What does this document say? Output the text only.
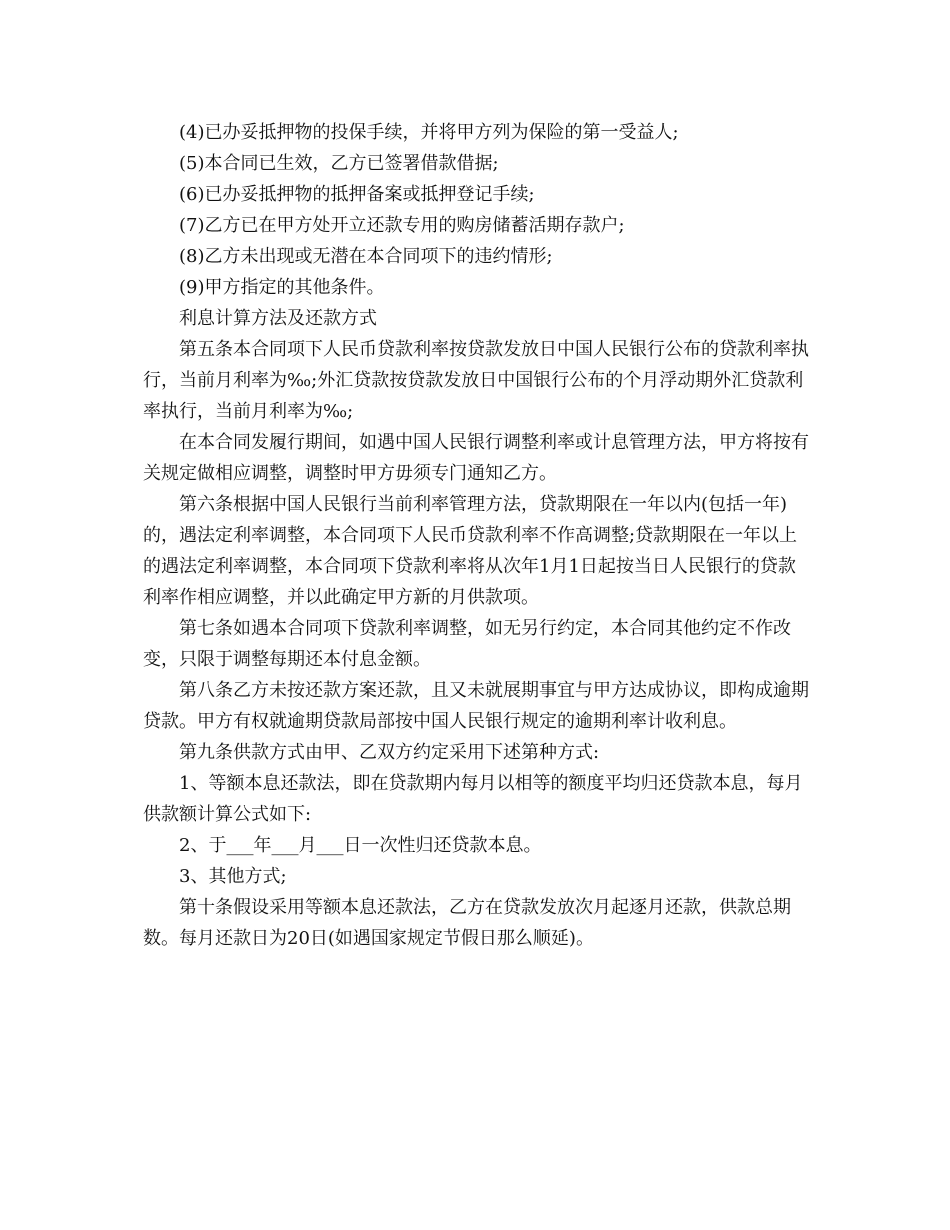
(4)已办妥抵押物的投保手续，并将甲方列为保险的第一受益人;

(5)本合同已生效，乙方已签署借款借据;

(6)已办妥抵押物的抵押备案或抵押登记手续;

(7)乙方已在甲方处开立还款专用的购房储蓄活期存款户;

(8)乙方未出现或无潜在本合同项下的违约情形;

(9)甲方指定的其他条件。

利息计算方法及还款方式

第五条本合同项下人民币贷款利率按贷款发放日中国人民银行公布的贷款利率执行，当前月利率为‰;外汇贷款按贷款发放日中国银行公布的个月浮动期外汇贷款利率执行，当前月利率为‰;

在本合同发履行期间，如遇中国人民银行调整利率或计息管理方法，甲方将按有关规定做相应调整，调整时甲方毋须专门通知乙方。

第六条根据中国人民银行当前利率管理方法，贷款期限在一年以内(包括一年)的，遇法定利率调整，本合同项下人民币贷款利率不作高调整;贷款期限在一年以上的遇法定利率调整，本合同项下贷款利率将从次年1月1日起按当日人民银行的贷款利率作相应调整，并以此确定甲方新的月供款项。

第七条如遇本合同项下贷款利率调整，如无另行约定，本合同其他约定不作改变，只限于调整每期还本付息金额。

第八条乙方未按还款方案还款，且又未就展期事宜与甲方达成协议，即构成逾期贷款。甲方有权就逾期贷款局部按中国人民银行规定的逾期利率计收利息。

第九条供款方式由甲、乙双方约定采用下述第种方式:

1、等额本息还款法，即在贷款期内每月以相等的额度平均归还贷款本息，每月供款额计算公式如下:

2、于___年___月___日一次性归还贷款本息。

3、其他方式;

第十条假设采用等额本息还款法，乙方在贷款发放次月起逐月还款，供款总期数。每月还款日为20日(如遇国家规定节假日那么顺延)。
